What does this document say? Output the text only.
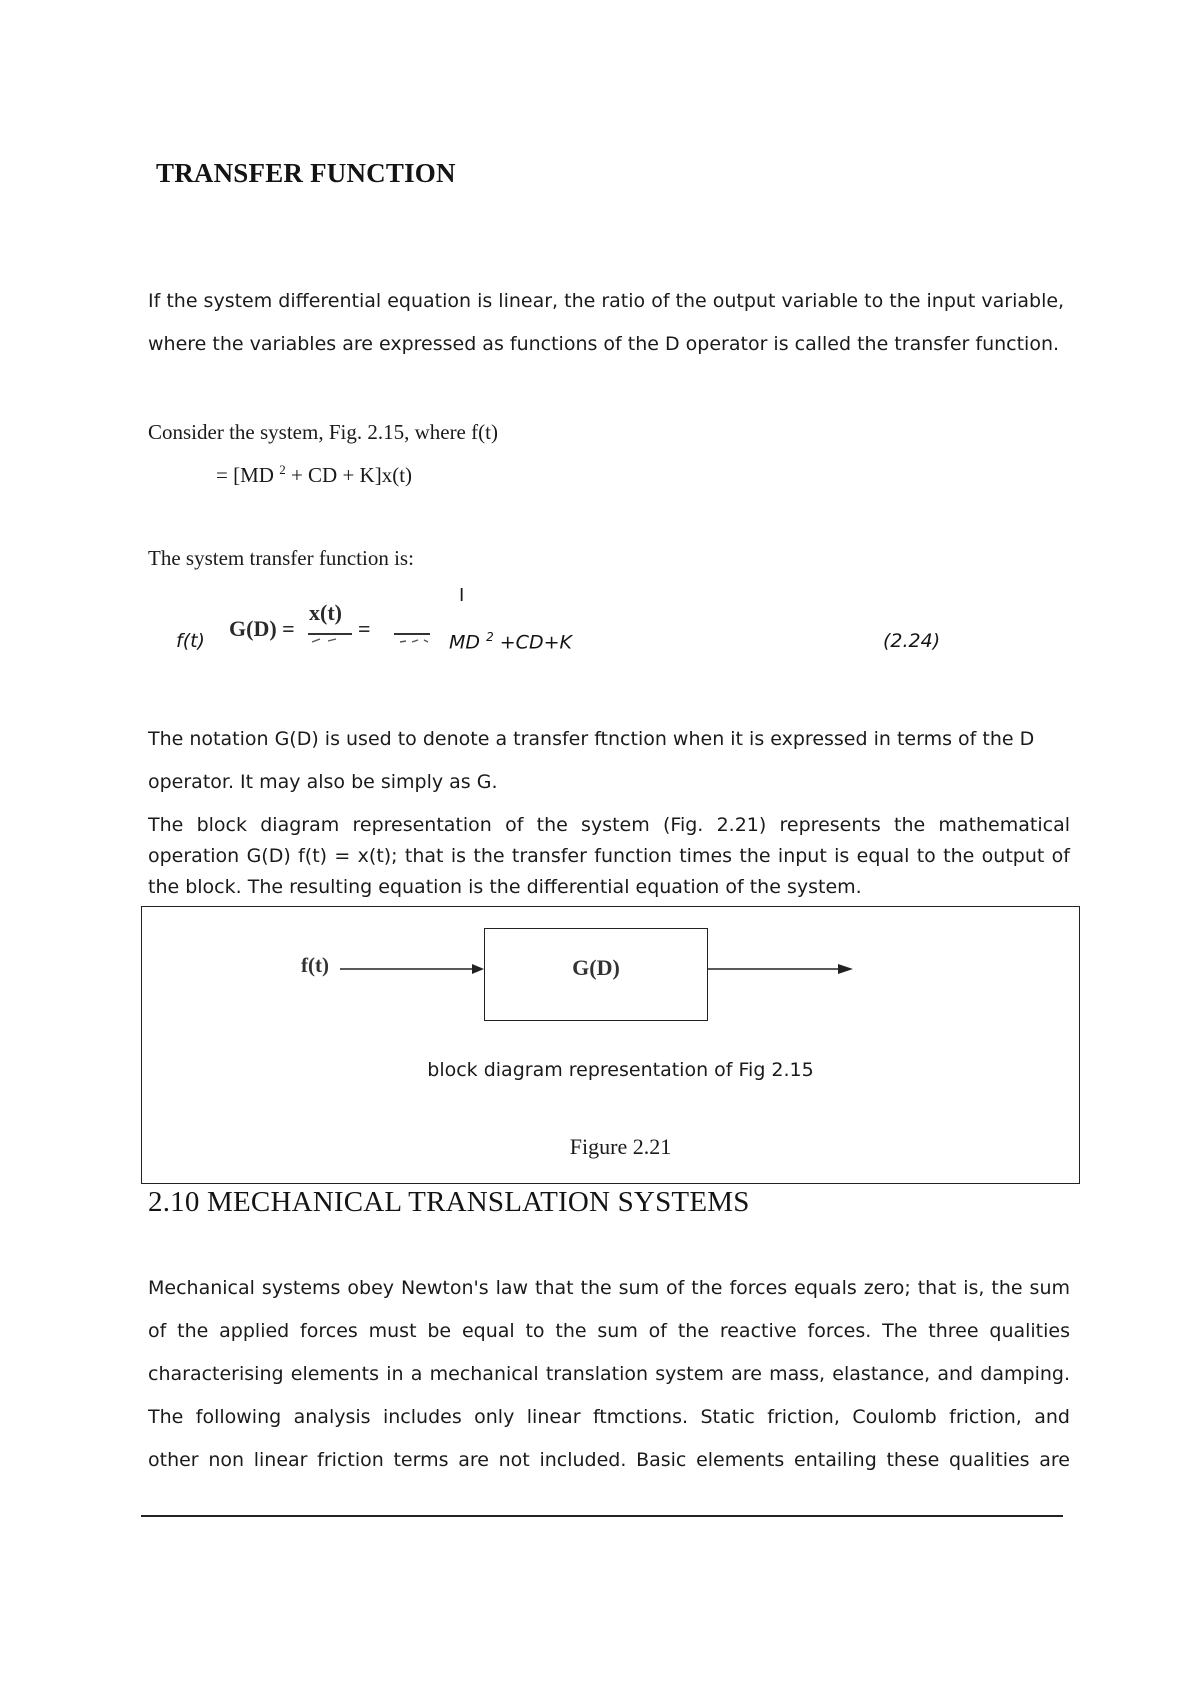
TRANSFER FUNCTION
If the system differential equation is linear, the ratio of the output variable to the input variable,
where the variables are expressed as functions of the D operator is called the transfer function.
Consider the system, Fig. 2.15, where f(t)
= [MD $^2$ + CD + K]x(t)
The system transfer function is:
f(t) G(D) =
x(t)
=
I
MD $^2$ +CD+K	(2.24)
The notation G(D) is used to denote a transfer ftnction when it is expressed in terms of the D
operator. It may also be simply as G.
The block diagram representation of the system (Fig. 2.21) represents the mathematical
operation G(D) f(t) = x(t); that is the transfer function times the input is equal to the output of
the block. The resulting equation is the differential equation of the system.
f(t)	G(D)
block diagram representation of Fig 2.15
Figure 2.21
2.10 MECHANICAL TRANSLATION SYSTEMS
Mechanical systems obey Newton's law that the sum of the forces equals zero; that is, the sum
of the applied forces must be equal to the sum of the reactive forces. The three qualities
characterising elements in a mechanical translation system are mass, elastance, and damping.
The following analysis includes only linear ftmctions. Static friction, Coulomb friction, and
other non linear friction terms are not included. Basic elements entailing these qualities are
